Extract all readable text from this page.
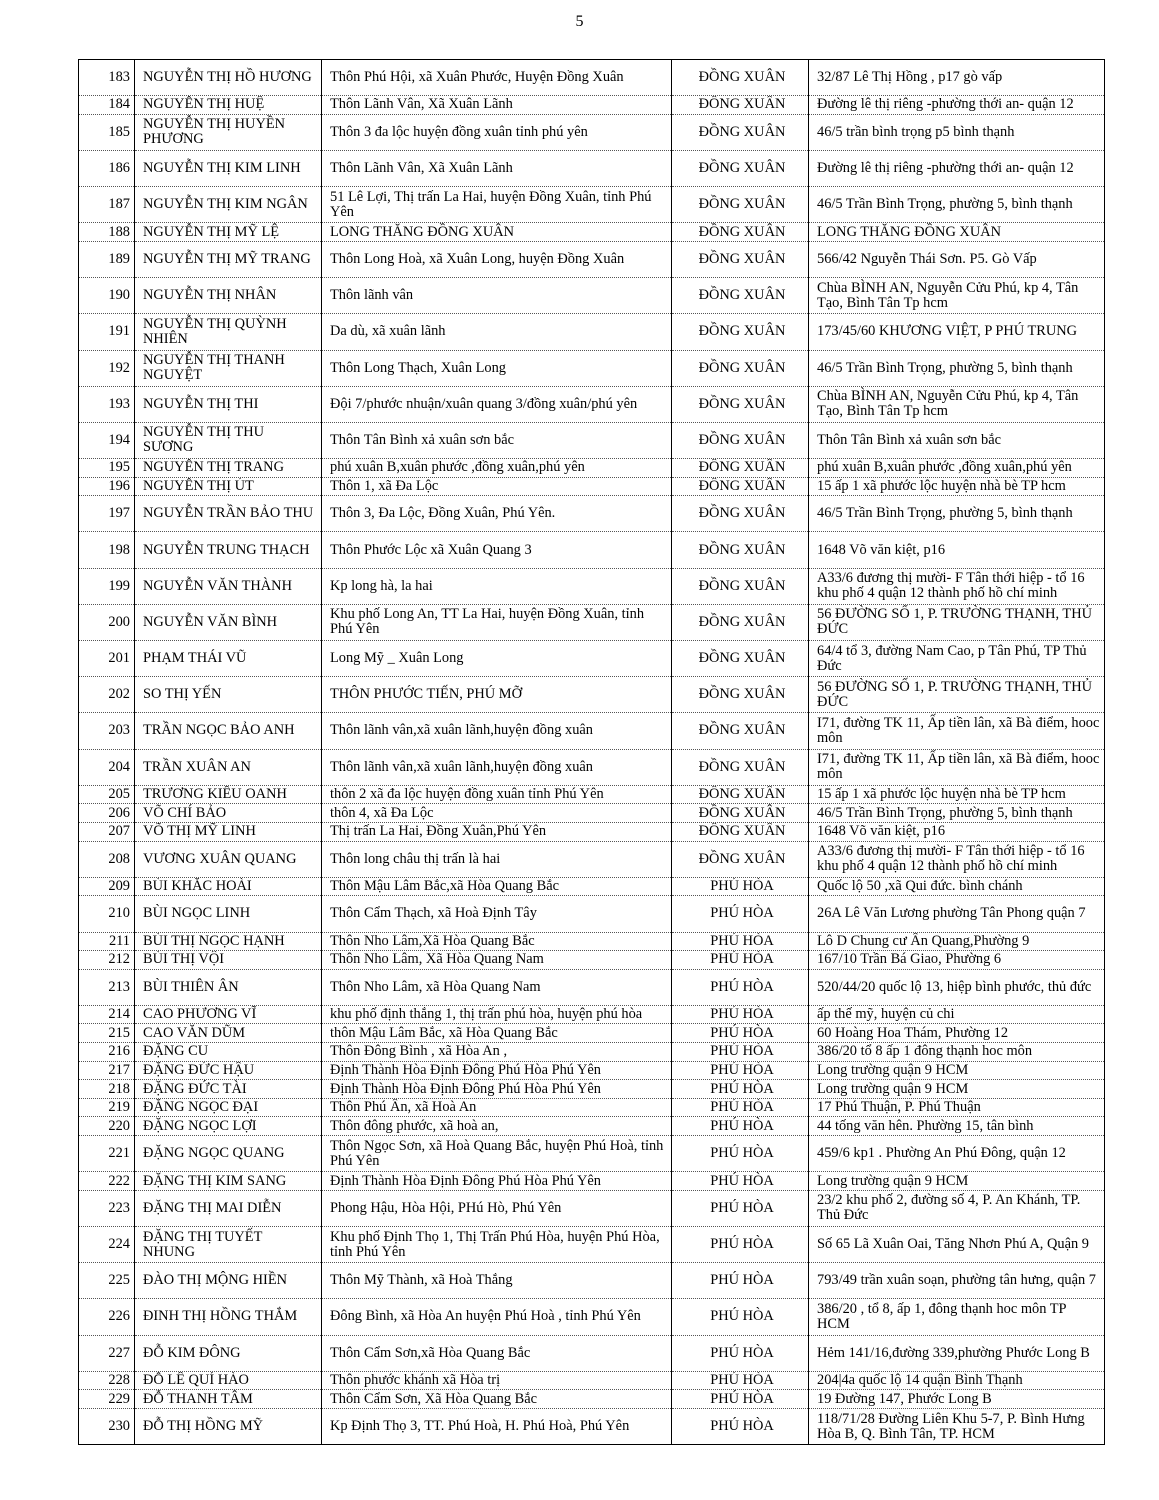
5
183	NGUYỄN THỊ HỒ HƯƠNG	Thôn Phú Hội, xã Xuân Phước, Huyện Đồng Xuân	ĐỒNG XUÂN	32/87 Lê Thị Hồng , p17 gò vấp
184	NGUYỄN THỊ HUỆ	Thôn Lãnh Vân, Xã Xuân Lãnh	ĐỒNG XUÂN	Đường lê thị riêng -phường thới an- quận 12
185	NGUYỄN THỊ HUYỀN PHƯƠNG	Thôn 3 đa lộc huyện đồng xuân tỉnh phú yên	ĐỒNG XUÂN	46/5 trần bình trọng p5 bình thạnh
186	NGUYỄN THỊ KIM LINH	Thôn Lãnh Vân, Xã Xuân Lãnh	ĐỒNG XUÂN	Đường lê thị riêng -phường thới an- quận 12
187	NGUYỄN THỊ KIM NGÂN	51 Lê Lợi, Thị trấn La Hai, huyện Đồng Xuân, tỉnh Phú Yên	ĐỒNG XUÂN	46/5 Trần Bình Trọng, phường 5, bình thạnh
188	NGUYỄN THỊ MỸ LỆ	LONG THĂNG ĐỒNG XUÂN	ĐỒNG XUÂN	LONG THĂNG ĐỒNG XUÂN
189	NGUYỄN THỊ MỸ TRANG	Thôn Long Hoà, xã Xuân Long, huyện Đồng Xuân	ĐỒNG XUÂN	566/42 Nguyễn Thái Sơn. P5. Gò Vấp
190	NGUYỄN THỊ NHÂN	Thôn lãnh vân	ĐỒNG XUÂN	Chùa BÌNH AN, Nguyễn Cửu Phú, kp 4, Tân Tạo, Bình Tân Tp hcm
191	NGUYỄN THỊ QUỲNH NHIÊN	Da dù, xã xuân lãnh	ĐỒNG XUÂN	173/45/60 KHƯƠNG VIỆT, P PHÚ TRUNG
192	NGUYỄN THỊ THANH NGUYỆT	Thôn Long Thạch, Xuân Long	ĐỒNG XUÂN	46/5 Trần Bình Trọng, phường 5, bình thạnh
193	NGUYỄN THỊ THI	Đội 7/phước nhuận/xuân quang 3/đồng xuân/phú yên	ĐỒNG XUÂN	Chùa BÌNH AN, Nguyễn Cửu Phú, kp 4, Tân Tạo, Bình Tân Tp hcm
194	NGUYỄN THỊ THU SƯƠNG	Thôn Tân Bình xả xuân sơn bắc	ĐỒNG XUÂN	Thôn Tân Bình xả xuân sơn bắc
195	NGUYỄN THỊ TRANG	phú xuân B,xuân phước ,đồng xuân,phú yên	ĐỒNG XUÂN	phú xuân B,xuân phước ,đồng xuân,phú yên
196	NGUYỄN THỊ ÚT	Thôn 1, xã Đa Lộc	ĐỒNG XUÂN	15 ấp 1 xã phước lộc huyện nhà bè TP hcm
197	NGUYỄN TRẦN BẢO THU	Thôn 3, Đa Lộc, Đồng Xuân, Phú Yên.	ĐỒNG XUÂN	46/5 Trần Bình Trọng, phường 5, bình thạnh
198	NGUYỄN TRUNG THẠCH	Thôn Phước Lộc xã Xuân Quang 3	ĐỒNG XUÂN	1648 Võ văn kiệt, p16
199	NGUYỄN VĂN THÀNH	Kp long hà, la hai	ĐỒNG XUÂN	A33/6 đương thị mười- F Tân thới hiệp - tổ 16 khu phố 4 quận 12 thành phố hồ chí minh
200	NGUYỄN VĂN BÌNH	Khu phố Long An, TT La Hai, huyện Đồng Xuân, tỉnh Phú Yên	ĐỒNG XUÂN	56 ĐƯỜNG SỐ 1, P. TRƯỜNG THẠNH, THỦ ĐỨC
201	PHẠM THÁI VŨ	Long Mỹ _ Xuân Long	ĐỒNG XUÂN	64/4 tổ 3, đường Nam Cao, p Tân Phú, TP Thủ Đức
202	SO THỊ YẾN	THÔN PHƯỚC TIẾN, PHÚ MỠ	ĐỒNG XUÂN	56 ĐƯỜNG SỐ 1, P. TRƯỜNG THẠNH, THỦ ĐỨC
203	TRẦN NGỌC BẢO ANH	Thôn lãnh vân,xã xuân lãnh,huyện đồng xuân	ĐỒNG XUÂN	I71, đường TK 11, Ấp tiền lân, xã Bà điểm, hooc môn
204	TRẦN XUÂN AN	Thôn lãnh vân,xã xuân lãnh,huyện đồng xuân	ĐỒNG XUÂN	I71, đường TK 11, Ấp tiền lân, xã Bà điểm, hooc môn
205	TRƯƠNG KIỀU OANH	thôn 2 xã đa lộc huyện đồng xuân tỉnh Phú Yên	ĐỒNG XUÂN	15 ấp 1 xã phước lộc huyện nhà bè TP hcm
206	VÕ CHÍ BẢO	thôn 4, xã Đa Lộc	ĐỒNG XUÂN	46/5 Trần Bình Trọng, phường 5, bình thạnh
207	VÕ THỊ MỸ LINH	Thị trấn La Hai, Đồng Xuân,Phú Yên	ĐỒNG XUÂN	1648 Võ văn kiệt, p16
208	VƯƠNG XUÂN QUANG	Thôn long châu thị trấn là hai	ĐỒNG XUÂN	A33/6 đương thị mười- F Tân thới hiệp - tổ 16 khu phố 4 quận 12 thành phố hồ chí minh
209	BÙI KHẮC HOÀI	Thôn Mậu Lâm Bắc,xã Hòa Quang Bắc	PHÚ HÒA	Quốc lộ 50 ,xã Qui đức. bình chánh
210	BÙI NGỌC LINH	Thôn Cẩm Thạch, xã Hoà Định Tây	PHÚ HÒA	26A Lê Văn Lương phường Tân Phong quận 7
211	BÙI THỊ NGỌC HẠNH	Thôn Nho Lâm,Xã Hòa Quang Bắc	PHÚ HÒA	Lô D Chung cư Ấn Quang,Phường 9
212	BÙI THỊ VỘI	Thôn Nho Lâm, Xã Hòa Quang Nam	PHÚ HÒA	167/10 Trần Bá Giao, Phường 6
213	BÙI THIÊN ÂN	Thôn Nho Lâm, xã Hòa Quang Nam	PHÚ HÒA	520/44/20 quốc lộ 13, hiệp bình phước, thủ đức
214	CAO PHƯƠNG VĨ	khu phố định thắng 1, thị trấn phú hòa, huyện phú hòa	PHÚ HÒA	ấp thế mỹ, huyện củ chi
215	CAO VĂN DŨM	thôn Mậu Lâm Bắc, xã Hòa Quang Bắc	PHÚ HÒA	60 Hoàng Hoa Thám, Phường 12
216	ĐẶNG CU	Thôn Đông Bình , xã Hòa An ,	PHÚ HÒA	386/20 tổ 8 ấp 1 đông thạnh hoc môn
217	ĐẶNG ĐỨC HẬU	Định Thành Hòa Định Đông Phú Hòa Phú Yên	PHÚ HÒA	Long trường quận 9 HCM
218	ĐẶNG ĐỨC TÀI	Định Thành Hòa Định Đông Phú Hòa Phú Yên	PHÚ HÒA	Long trường quận 9 HCM
219	ĐẶNG NGỌC ĐẠI	Thôn Phú Ân, xã Hoà An	PHÚ HÒA	17 Phú Thuận, P. Phú Thuận
220	ĐẶNG NGỌC LỢI	Thôn đông phước, xã hoà an,	PHÚ HÒA	44 tống văn hên. Phường 15, tân bình
221	ĐẶNG NGỌC QUANG	Thôn Ngọc Sơn, xã Hoà Quang Bắc, huyện Phú Hoà, tỉnh Phú Yên	PHÚ HÒA	459/6 kp1 . Phường An Phú Đông, quận 12
222	ĐẶNG THỊ KIM SANG	Định Thành Hòa Định Đông Phú Hòa Phú Yên	PHÚ HÒA	Long trường quận 9 HCM
223	ĐẶNG THỊ MAI DIỄN	Phong Hậu, Hòa Hội, PHú Hò, Phú Yên	PHÚ HÒA	23/2 khu phố 2, đường số 4, P. An Khánh, TP. Thủ Đức
224	ĐẶNG THỊ TUYẾT NHUNG	Khu phố Định Thọ 1, Thị Trấn Phú Hòa, huyện Phú Hòa, tỉnh Phú Yên	PHÚ HÒA	Số 65 Lã Xuân Oai, Tăng Nhơn Phú A, Quận 9
225	ĐÀO THỊ MỘNG HIỀN	Thôn Mỹ Thành, xã Hoà Thắng	PHÚ HÒA	793/49 trần xuân soạn, phường tân hưng, quận 7
226	ĐINH THỊ HỒNG THẮM	Đông Bình, xã Hòa An huyện Phú Hoà , tỉnh Phú Yên	PHÚ HÒA	386/20 , tổ 8, ấp 1, đông thạnh hoc môn TP HCM
227	ĐỖ KIM ĐÔNG	Thôn Cẩm Sơn,xã Hòa Quang Bắc	PHÚ HÒA	Hẻm 141/16,đường 339,phường Phước Long B
228	ĐỖ LÊ QUÍ HÀO	Thôn phước khánh xã Hòa trị	PHÚ HÒA	204|4a quốc lộ 14 quận Bình Thạnh
229	ĐỖ THANH TÂM	Thôn Cẩm Sơn, Xã Hòa Quang Bắc	PHÚ HÒA	19 Đường 147, Phước Long B
230	ĐỖ THỊ HỒNG MỸ	Kp Định Thọ 3, TT. Phú Hoà, H. Phú Hoà, Phú Yên	PHÚ HÒA	118/71/28 Đường Liên Khu 5-7, P. Bình Hưng Hòa B, Q. Bình Tân, TP. HCM
